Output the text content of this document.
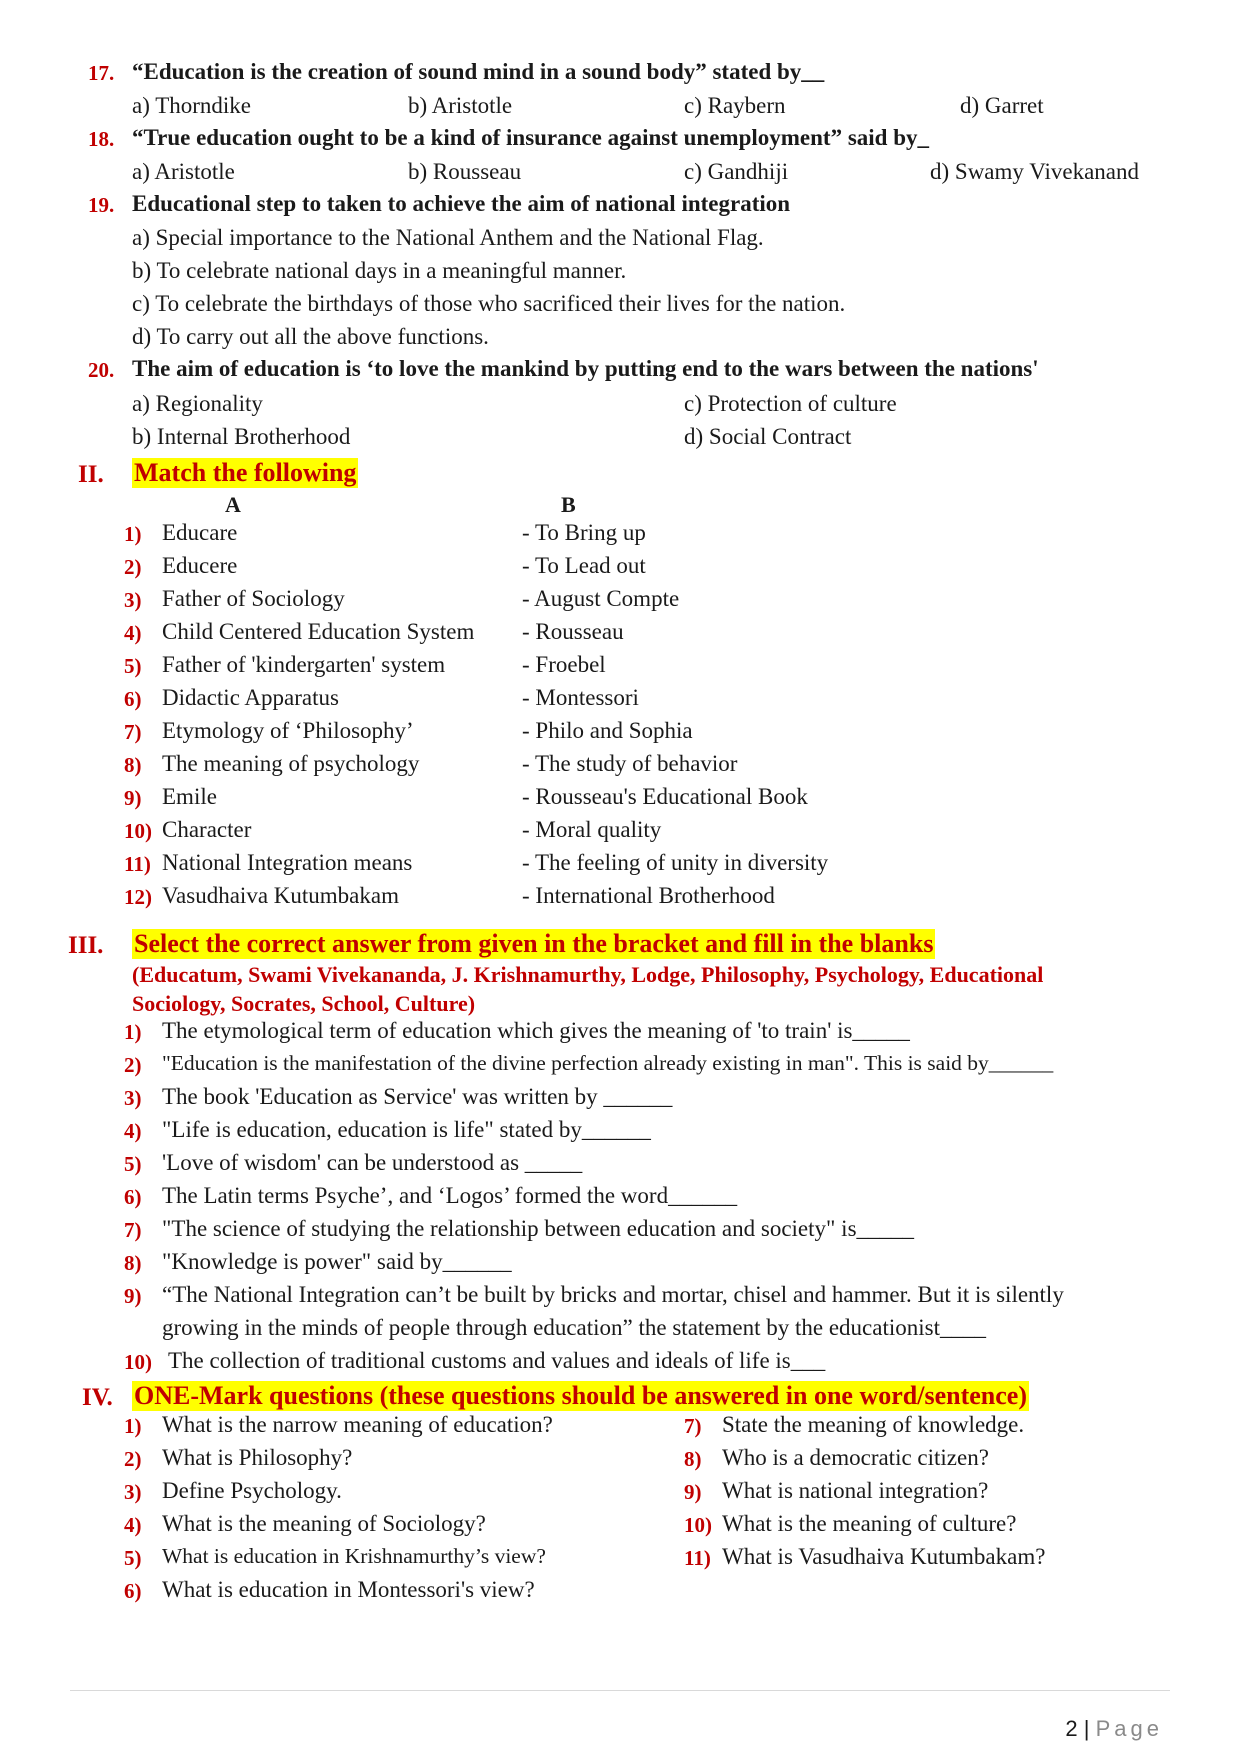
17. “Education is the creation of sound mind in a sound body” stated by__
a) Thorndike	b) Aristotle	c) Raybern	d) Garret
18. “True education ought to be a kind of insurance against unemployment” said by_
a) Aristotle	b) Rousseau	c) Gandhiji	d) Swamy Vivekanand
19. Educational step to taken to achieve the aim of national integration
a) Special importance to the National Anthem and the National Flag.
b) To celebrate national days in a meaningful manner.
c) To celebrate the birthdays of those who sacrificed their lives for the nation.
d) To carry out all the above functions.
20. The aim of education is ‘to love the mankind by putting end to the wars between the nations'
a) Regionality	c) Protection of culture
b) Internal Brotherhood	d) Social Contract
II. Match the following
A	B
1) Educare	- To Bring up
2) Educere	- To Lead out
3) Father of Sociology	- August Compte
4) Child Centered Education System - Rousseau
5) Father of 'kindergarten' system	- Froebel
6) Didactic Apparatus	- Montessori
7) Etymology of ‘Philosophy’	- Philo and Sophia
8) The meaning of psychology	- The study of behavior
9) Emile	- Rousseau's Educational Book
10) Character	- Moral quality
11) National Integration means	- The feeling of unity in diversity
12) Vasudhaiva Kutumbakam	- International Brotherhood
III. Select the correct answer from given in the bracket and fill in the blanks
(Educatum, Swami Vivekananda, J. Krishnamurthy, Lodge, Philosophy, Psychology, Educational
Sociology, Socrates, School, Culture)
1) The etymological term of education which gives the meaning of 'to train' is_____
2) "Education is the manifestation of the divine perfection already existing in man". This is said by______
3) The book 'Education as Service' was written by ______
4) "Life is education, education is life" stated by______
5) 'Love of wisdom' can be understood as _____
6) The Latin terms Psyche’, and ‘Logos’ formed the word______
7) "The science of studying the relationship between education and society" is_____
8) "Knowledge is power" said by______
9) “The National Integration can’t be built by bricks and mortar, chisel and hammer. But it is silently
growing in the minds of people through education” the statement by the educationist____
10) The collection of traditional customs and values and ideals of life is___
IV. ONE-Mark questions (these questions should be answered in one word/sentence)
1) What is the narrow meaning of education?
2) What is Philosophy?
3) Define Psychology.
4) What is the meaning of Sociology?
5) What is education in Krishnamurthy’s view?
6) What is education in Montessori's view?
7) State the meaning of knowledge.
8) Who is a democratic citizen?
9) What is national integration?
10) What is the meaning of culture?
11) What is Vasudhaiva Kutumbakam?
2 | Page
